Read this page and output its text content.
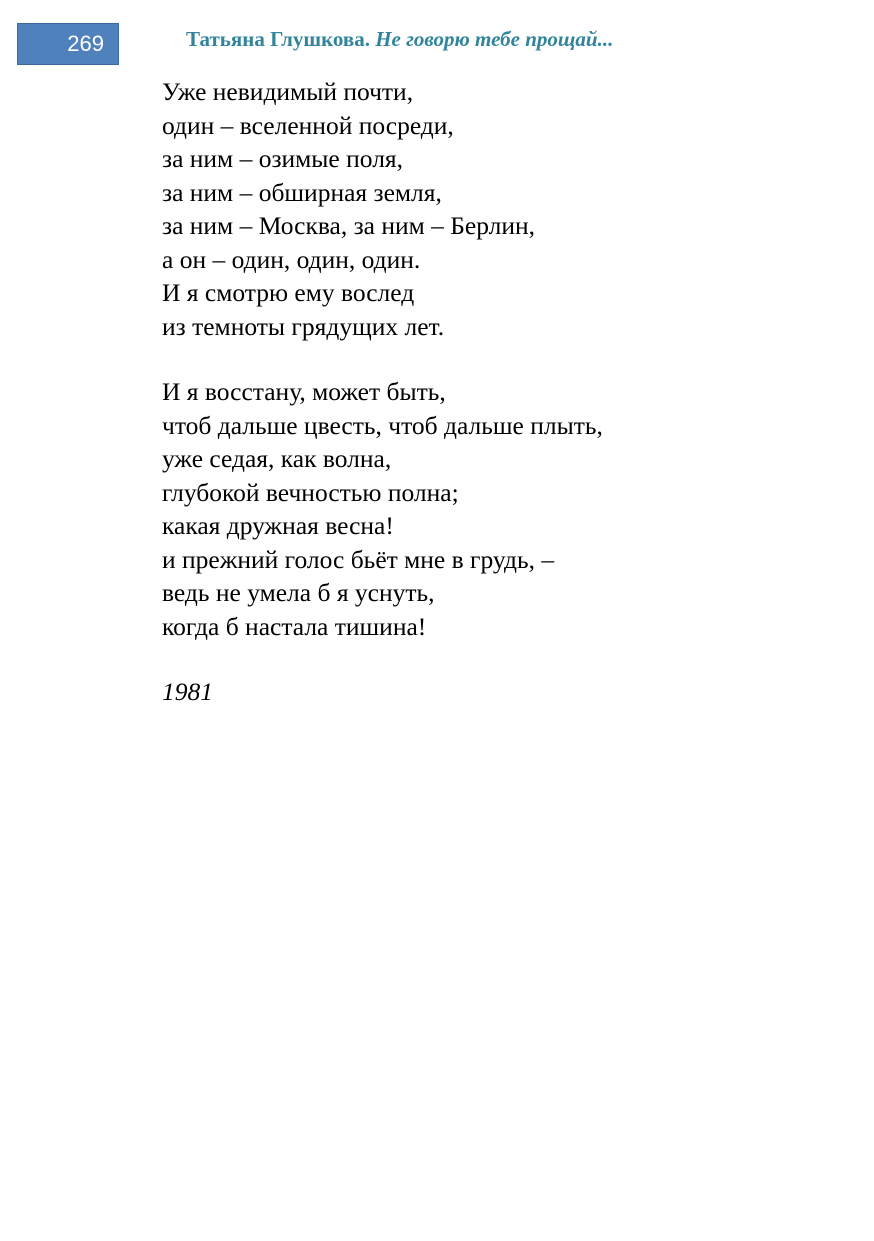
269	Татьяна Глушкова. Не говорю тебе прощай...
Уже невидимый почти,
один – вселенной посреди,
за ним – озимые поля,
за ним – обширная земля,
за ним – Москва, за ним – Берлин,
а он – один, один, один.
И я смотрю ему вослед
из темноты грядущих лет.
И я восстану, может быть,
чтоб дальше цвесть, чтоб дальше плыть,
уже седая, как волна,
глубокой вечностью полна;
какая дружная весна!
и прежний голос бьёт мне в грудь, –
ведь не умела б я уснуть,
когда б настала тишина!
1981
